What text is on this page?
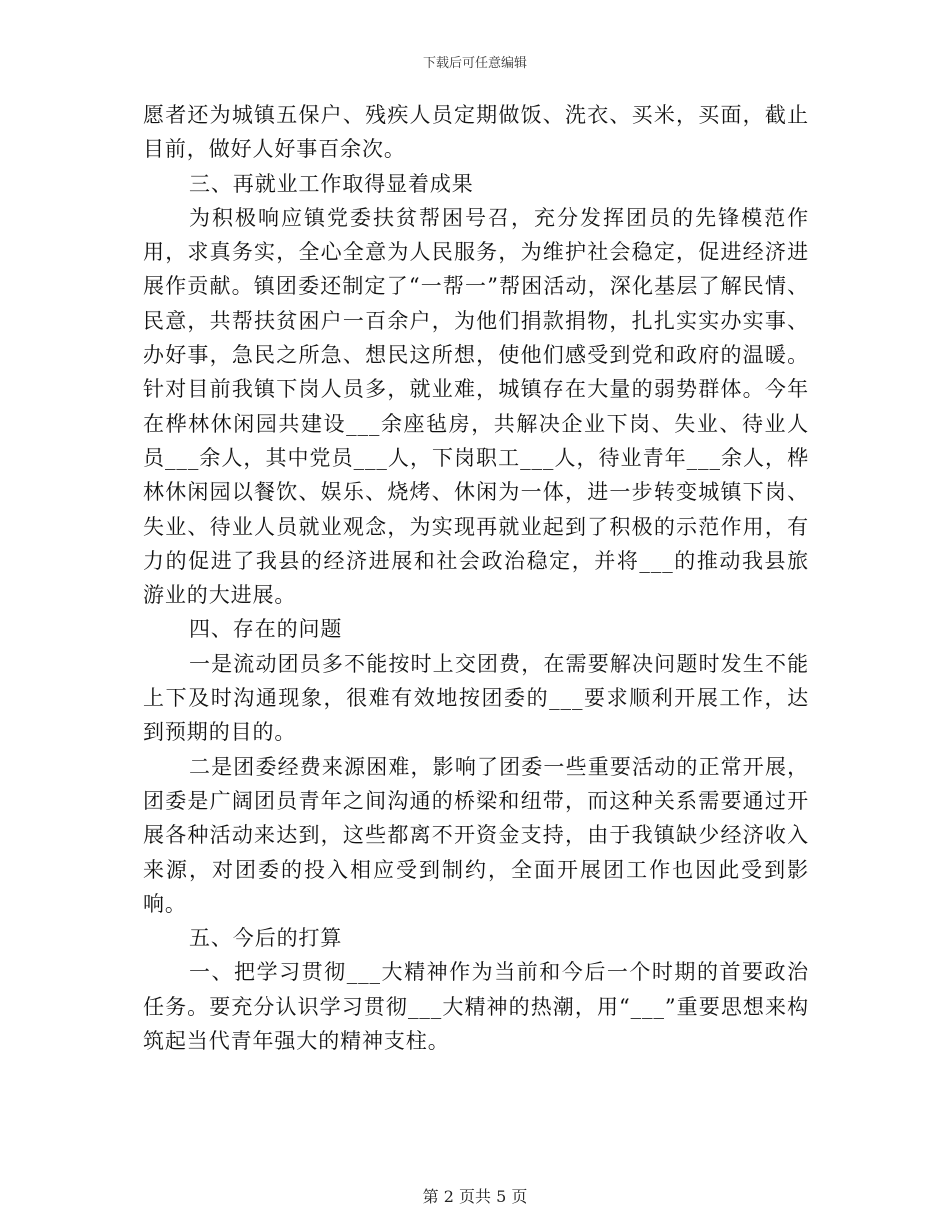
下载后可任意编辑

愿者还为城镇五保户、残疾人员定期做饭、洗衣、买米，买面，截止目前，做好人好事百余次。

三、再就业工作取得显着成果

为积极响应镇党委扶贫帮困号召，充分发挥团员的先锋模范作用，求真务实，全心全意为人民服务，为维护社会稳定，促进经济进展作贡献。镇团委还制定了“一帮一”帮困活动，深化基层了解民情、民意，共帮扶贫困户一百余户，为他们捐款捐物，扎扎实实办实事、办好事，急民之所急、想民这所想，使他们感受到党和政府的温暖。针对目前我镇下岗人员多，就业难，城镇存在大量的弱势群体。今年在桦林休闲园共建设___余座毡房，共解决企业下岗、失业、待业人员___余人，其中党员___人，下岗职工___人，待业青年___余人，桦林休闲园以餐饮、娱乐、烧烤、休闲为一体，进一步转变城镇下岗、失业、待业人员就业观念，为实现再就业起到了积极的示范作用，有力的促进了我县的经济进展和社会政治稳定，并将___的推动我县旅游业的大进展。

四、存在的问题

一是流动团员多不能按时上交团费，在需要解决问题时发生不能上下及时沟通现象，很难有效地按团委的___要求顺利开展工作，达到预期的目的。

二是团委经费来源困难，影响了团委一些重要活动的正常开展，团委是广阔团员青年之间沟通的桥梁和纽带，而这种关系需要通过开展各种活动来达到，这些都离不开资金支持，由于我镇缺少经济收入来源，对团委的投入相应受到制约，全面开展团工作也因此受到影响。

五、今后的打算

一、把学习贯彻___大精神作为当前和今后一个时期的首要政治任务。要充分认识学习贯彻___大精神的热潮，用“___”重要思想来构筑起当代青年强大的精神支柱。

第 2 页共 5 页
